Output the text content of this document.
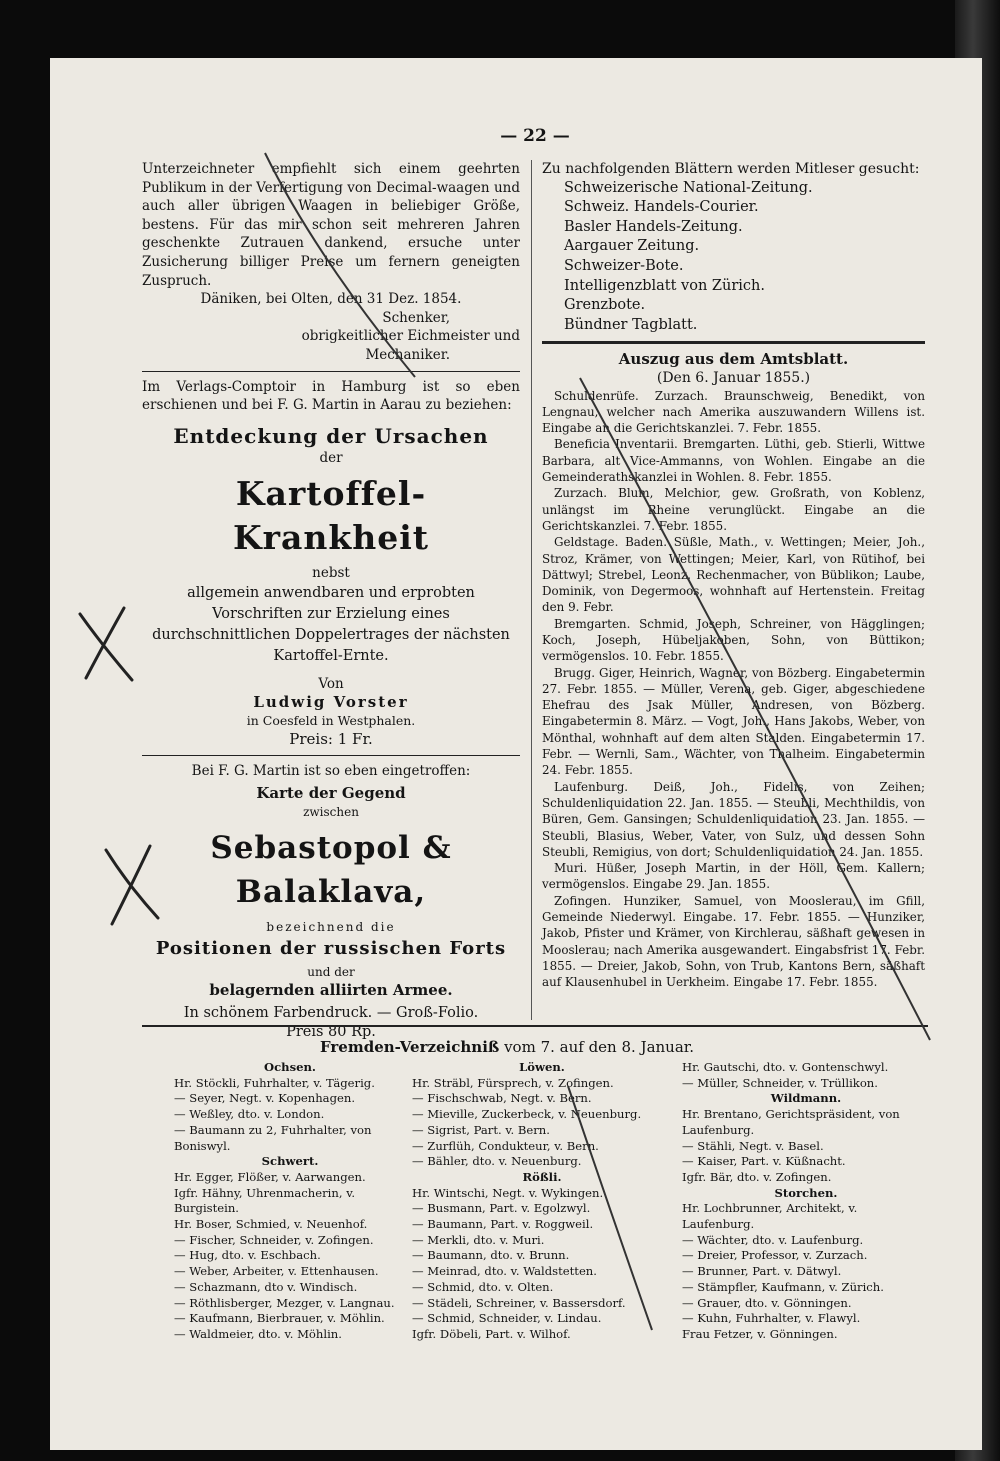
— 22 —

Unterzeichneter empfiehlt sich einem geehrten Publikum in der Verfertigung von Decimal-waagen und auch aller übrigen Waagen in beliebiger Größe, bestens. Für das mir schon seit mehreren Jahren geschenkte Zutrauen dankend, ersuche unter Zusicherung billiger Preise um fernern geneigten Zuspruch.

Däniken, bei Olten, den 31 Dez. 1854.

Schenker,

obrigkeitlicher Eichmeister und

Mechaniker.

Im Verlags-Comptoir in Hamburg ist so eben erschienen und bei F. G. Martin in Aarau zu beziehen:

Entdeckung der Ursachen

der

Kartoffel-Krankheit

nebst

allgemein anwendbaren und erprobten Vorschriften zur Erzielung eines durchschnittlichen Doppelertrages der nächsten Kartoffel-Ernte.

Von

Ludwig Vorster

in Coesfeld in Westphalen.

Preis: 1 Fr.

Bei F. G. Martin ist so eben eingetroffen:

Karte der Gegend

zwischen

Sebastopol & Balaklava,

bezeichnend die

Positionen der russischen Forts

und der

belagernden alliirten Armee.

In schönem Farbendruck. — Groß-Folio.

Preis 80 Rp.

Zu nachfolgenden Blättern werden Mitleser gesucht:

Schweizerische National-Zeitung.
Schweiz. Handels-Courier.
Basler Handels-Zeitung.
Aargauer Zeitung.
Schweizer-Bote.
Intelligenzblatt von Zürich.
Grenzbote.
Bündner Tagblatt.

Auszug aus dem Amtsblatt.

(Den 6. Januar 1855.)

Schuldenrüfe. Zurzach. Braunschweig, Benedikt, von Lengnau, welcher nach Amerika auszuwandern Willens ist. Eingabe an die Gerichtskanzlei. 7. Febr. 1855.

Beneficia Inventarii. Bremgarten. Lüthi, geb. Stierli, Wittwe Barbara, alt Vice-Ammanns, von Wohlen. Eingabe an die Gemeinderathskanzlei in Wohlen. 8. Febr. 1855.

Zurzach. Blum, Melchior, gew. Großrath, von Koblenz, unlängst im Rheine verunglückt. Eingabe an die Gerichtskanzlei. 7. Febr. 1855.

Geldstage. Baden. Süßle, Math., v. Wettingen; Meier, Joh., Stroz, Krämer, von Wettingen; Meier, Karl, von Rütihof, bei Dättwyl; Strebel, Leonz, Rechenmacher, von Büblikon; Laube, Dominik, von Degermoos, wohnhaft auf Hertenstein. Freitag den 9. Febr.

Bremgarten. Schmid, Joseph, Schreiner, von Hägglingen; Koch, Joseph, Hübeljakoben, Sohn, von Büttikon; vermögenslos. 10. Febr. 1855.

Brugg. Giger, Heinrich, Wagner, von Bözberg. Eingabetermin 27. Febr. 1855. — Müller, Verena, geb. Giger, abgeschiedene Ehefrau des Jsak Müller, Andresen, von Bözberg. Eingabetermin 8. März. — Vogt, Joh., Hans Jakobs, Weber, von Mönthal, wohnhaft auf dem alten Stalden. Eingabetermin 17. Febr. — Wernli, Sam., Wächter, von Thalheim. Eingabetermin 24. Febr. 1855.

Laufenburg. Deiß, Joh., Fidelis, von Zeihen; Schuldenliquidation 22. Jan. 1855. — Steubli, Mechthildis, von Büren, Gem. Gansingen; Schuldenliquidation 23. Jan. 1855. — Steubli, Blasius, Weber, Vater, von Sulz, und dessen Sohn Steubli, Remigius, von dort; Schuldenliquidation 24. Jan. 1855.

Muri. Hüßer, Joseph Martin, in der Höll, Gem. Kallern; vermögenslos. Eingabe 29. Jan. 1855.

Zofingen. Hunziker, Samuel, von Mooslerau, im Gfill, Gemeinde Niederwyl. Eingabe. 17. Febr. 1855. — Hunziker, Jakob, Pfister und Krämer, von Kirchlerau, säßhaft gewesen in Mooslerau; nach Amerika ausgewandert. Eingabsfrist 17. Febr. 1855. — Dreier, Jakob, Sohn, von Trub, Kantons Bern, säßhaft auf Klausenhubel in Uerkheim. Eingabe 17. Febr. 1855.

Fremden-Verzeichniß vom 7. auf den 8. Januar.
Ochsen.
Hr. Stöckli, Fuhrhalter, v. Tägerig.
— Seyer, Negt. v. Kopenhagen.
— Weßley, dto. v. London.
— Baumann zu 2, Fuhrhalter, von
Boniswyl.
Schwert.
Hr. Egger, Flößer, v. Aarwangen.
Igfr. Hähny, Uhrenmacherin, v. Burgistein.
Hr. Boser, Schmied, v. Neuenhof.
— Fischer, Schneider, v. Zofingen.
— Hug, dto. v. Eschbach.
— Weber, Arbeiter, v. Ettenhausen.
— Schazmann, dto v. Windisch.
— Röthlisberger, Mezger, v. Langnau.
— Kaufmann, Bierbrauer, v. Möhlin.
— Waldmeier, dto. v. Möhlin.
Löwen.
Hr. Sträbl, Fürsprech, v. Zofingen.
— Fischschwab, Negt. v. Bern.
— Mieville, Zuckerbeck, v. Neuenburg.
— Sigrist, Part. v. Bern.
— Zurflüh, Condukteur, v. Bern.
— Bähler, dto. v. Neuenburg.
Rößli.
Hr. Wintschi, Negt. v. Wykingen.
— Busmann, Part. v. Egolzwyl.
— Baumann, Part. v. Roggweil.
— Merkli, dto. v. Muri.
— Baumann, dto. v. Brunn.
— Meinrad, dto. v. Waldstetten.
— Schmid, dto. v. Olten.
— Städeli, Schreiner, v. Bassersdorf.
— Schmid, Schneider, v. Lindau.
Igfr. Döbeli, Part. v. Wilhof.
Hr. Gautschi, dto. v. Gontenschwyl.
— Müller, Schneider, v. Trüllikon.
Wildmann.
Hr. Brentano, Gerichtspräsident, von
Laufenburg.
— Stähli, Negt. v. Basel.
— Kaiser, Part. v. Küßnacht.
Igfr. Bär, dto. v. Zofingen.
Storchen.
Hr. Lochbrunner, Architekt, v. Laufenburg.
— Wächter, dto. v. Laufenburg.
— Dreier, Professor, v. Zurzach.
— Brunner, Part. v. Dätwyl.
— Stämpfler, Kaufmann, v. Zürich.
— Grauer, dto. v. Gönningen.
— Kuhn, Fuhrhalter, v. Flawyl.
Frau Fetzer, v. Gönningen.
